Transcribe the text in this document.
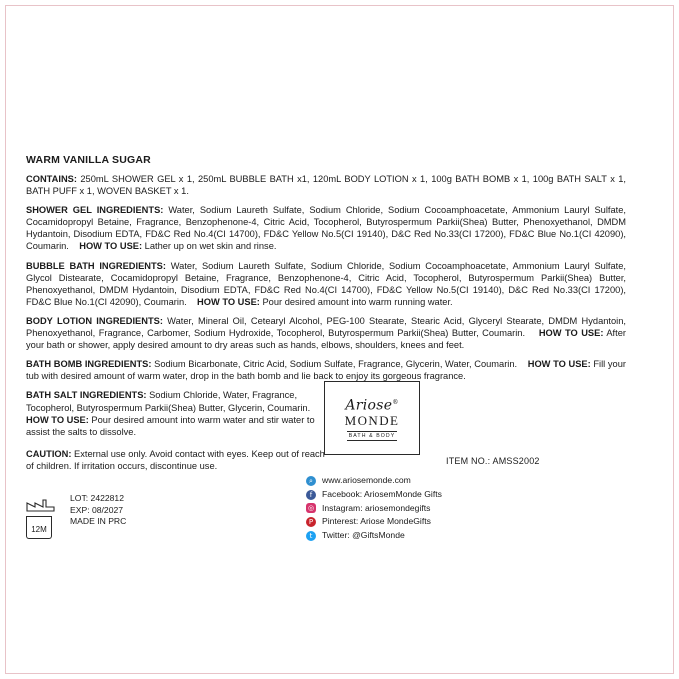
WARM VANILLA SUGAR
CONTAINS: 250mL SHOWER GEL x 1, 250mL BUBBLE BATH x1, 120mL BODY LOTION x 1, 100g BATH BOMB x 1, 100g BATH SALT x 1, BATH PUFF x 1, WOVEN BASKET x 1.
SHOWER GEL INGREDIENTS: Water, Sodium Laureth Sulfate, Sodium Chloride, Sodium Cocoamphoacetate, Ammonium Lauryl Sulfate, Cocamidopropyl Betaine, Fragrance, Benzophenone-4, Citric Acid, Tocopherol, Butyrospermum Parkii(Shea) Butter, Phenoxyethanol, DMDM Hydantoin, Disodium EDTA, FD&C Red No.4(CI 14700), FD&C Yellow No.5(CI 19140), D&C Red No.33(CI 17200), FD&C Blue No.1(CI 42090), Coumarin. HOW TO USE: Lather up on wet skin and rinse.
BUBBLE BATH INGREDIENTS: Water, Sodium Laureth Sulfate, Sodium Chloride, Sodium Cocoamphoacetate, Ammonium Lauryl Sulfate, Glycol Distearate, Cocamidopropyl Betaine, Fragrance, Benzophenone-4, Citric Acid, Tocopherol, Butyrospermum Parkii(Shea) Butter, Phenoxyethanol, DMDM Hydantoin, Disodium EDTA, FD&C Red No.4(CI 14700), FD&C Yellow No.5(CI 19140), D&C Red No.33(CI 17200), FD&C Blue No.1(CI 42090), Coumarin. HOW TO USE: Pour desired amount into warm running water.
BODY LOTION INGREDIENTS: Water, Mineral Oil, Cetearyl Alcohol, PEG-100 Stearate, Stearic Acid, Glyceryl Stearate, DMDM Hydantoin, Phenoxyethanol, Fragrance, Carbomer, Sodium Hydroxide, Tocopherol, Butyrospermum Parkii(Shea) Butter, Coumarin. HOW TO USE: After your bath or shower, apply desired amount to dry areas such as hands, elbows, shoulders, knees and feet.
BATH BOMB INGREDIENTS: Sodium Bicarbonate, Citric Acid, Sodium Sulfate, Fragrance, Glycerin, Water, Coumarin. HOW TO USE: Fill your tub with desired amount of warm water, drop in the bath bomb and lie back to enjoy its gorgeous fragrance.
BATH SALT INGREDIENTS: Sodium Chloride, Water, Fragrance, Tocopherol, Butyrospermum Parkii(Shea) Butter, Glycerin, Coumarin.
HOW TO USE: Pour desired amount into warm water and stir water to assist the salts to dissolve.
CAUTION: External use only. Avoid contact with eyes. Keep out of reach of children. If irritation occurs, discontinue use.
Ariose®
MONDE
BATH & BODY
ITEM NO.: AMSS2002
⌕	www.ariosemonde.com
f	Facebook: AriosemMonde Gifts
◎ Instagram: ariosemondegifts
P	Pinterest: Ariose MondeGifts
t	Twitter: @GiftsMonde
LOT: 2422812
EXP: 08/2027
MADE IN PRC
12M
